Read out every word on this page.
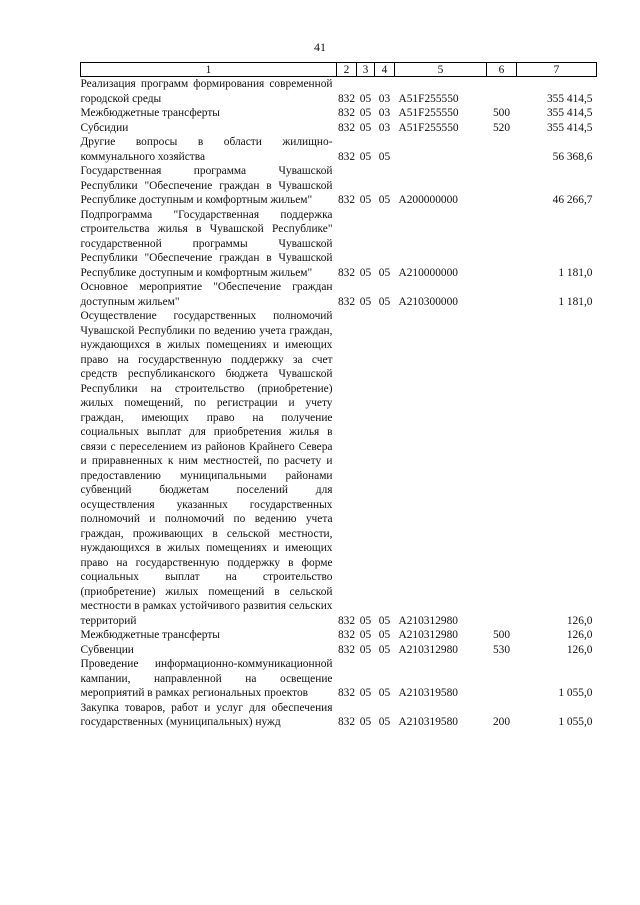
41
1	2	3	4	5	6	7
Реализация программ формирования современной городской среды	832	05	03	А51F255550		355 414,5
Межбюджетные трансферты	832	05	03	А51F255550	500	355 414,5
Субсидии	832	05	03	А51F255550	520	355 414,5
Другие вопросы в области жилищно-коммунального хозяйства	832	05	05			56 368,6
Государственная программа Чувашской Республики "Обеспечение граждан в Чувашской Республике доступным и комфортным жильем"	832	05	05	А200000000		46 266,7
Подпрограмма "Государственная поддержка строительства жилья в Чувашской Республике" государственной программы Чувашской Республики "Обеспечение граждан в Чувашской Республике доступным и комфортным жильем"	832	05	05	А210000000		1 181,0
Основное мероприятие "Обеспечение граждан доступным жильем"	832	05	05	А210300000		1 181,0
Осуществление государственных полномочий Чувашской Республики по ведению учета граждан, нуждающихся в жилых помещениях и имеющих право на государственную поддержку за счет средств республиканского бюджета Чувашской Республики на строительство (приобретение) жилых помещений, по регистрации и учету граждан, имеющих право на получение социальных выплат для приобретения жилья в связи с переселением из районов Крайнего Севера и приравненных к ним местностей, по расчету и предоставлению муниципальными районами субвенций бюджетам поселений для осуществления указанных государственных полномочий и полномочий по ведению учета граждан, проживающих в сельской местности, нуждающихся в жилых помещениях и имеющих право на государственную поддержку в форме социальных выплат на строительство (приобретение) жилых помещений в сельской местности в рамках устойчивого развития сельских территорий	832	05	05	А210312980		126,0
Межбюджетные трансферты	832	05	05	А210312980	500	126,0
Субвенции	832	05	05	А210312980	530	126,0
Проведение информационно-коммуникационной кампании, направленной на освещение мероприятий в рамках региональных проектов	832	05	05	А210319580		1 055,0
Закупка товаров, работ и услуг для обеспечения государственных (муниципальных) нужд	832	05	05	А210319580	200	1 055,0
